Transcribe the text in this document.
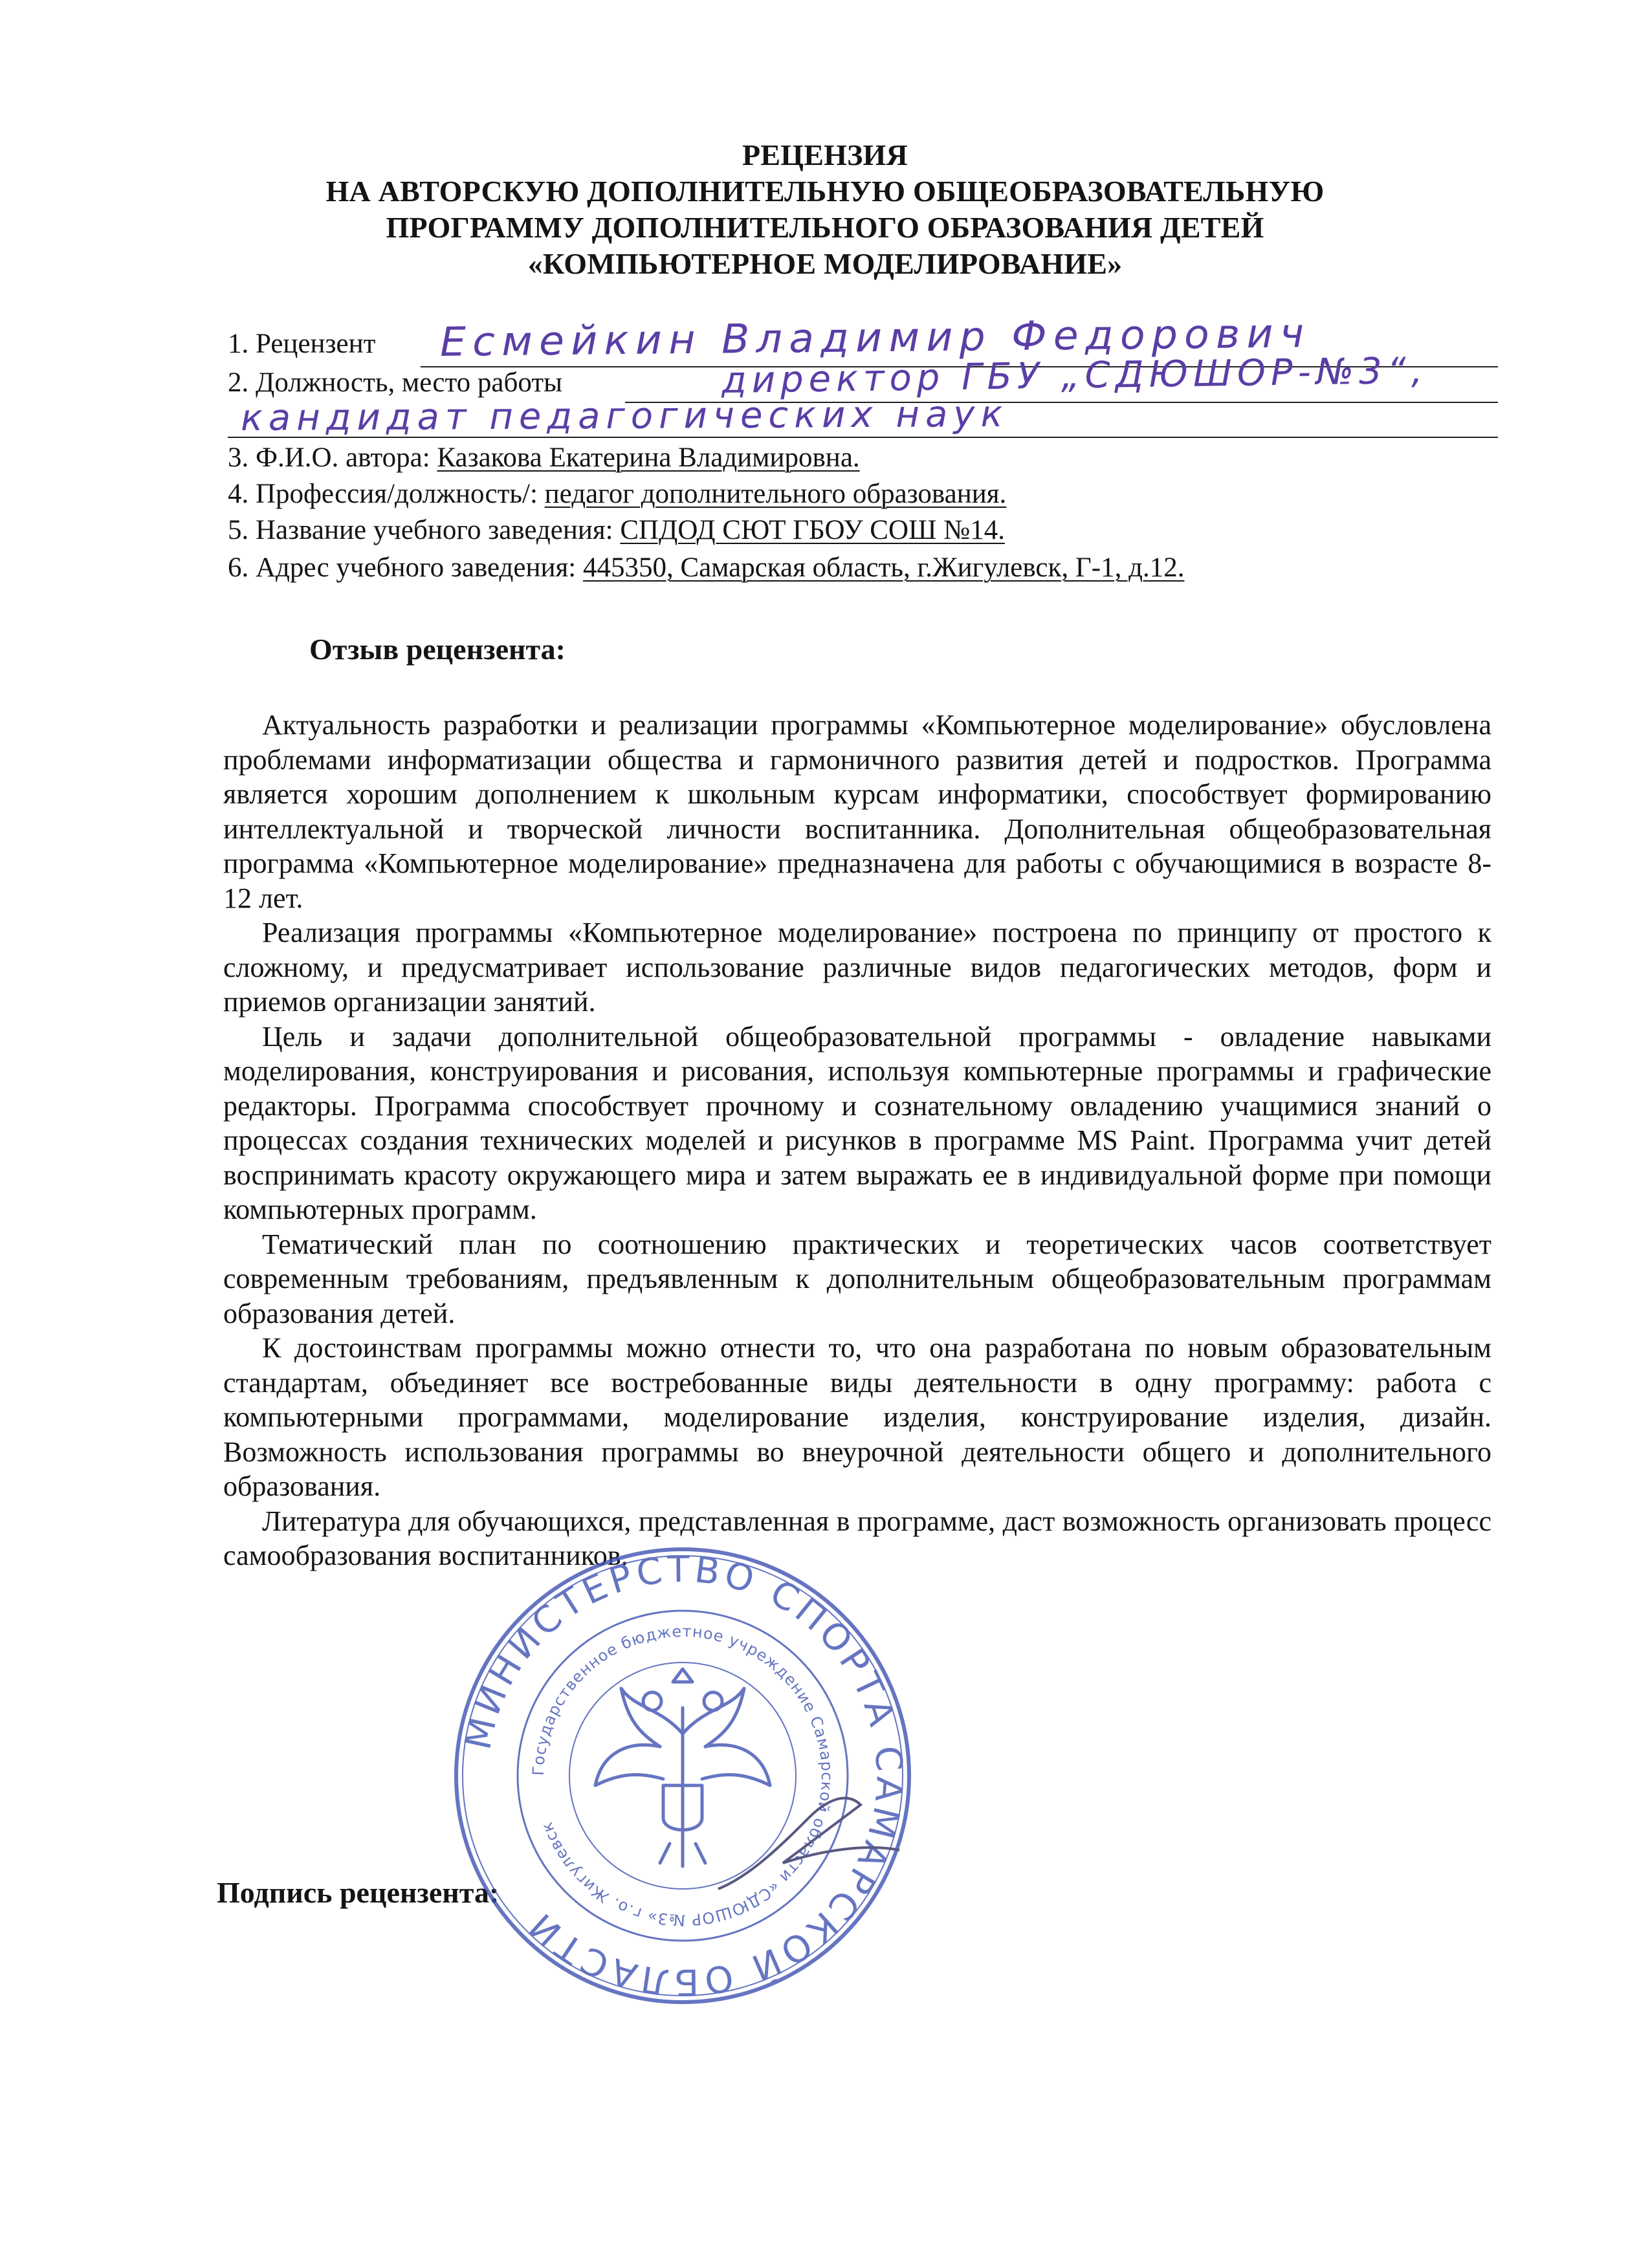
РЕЦЕНЗИЯ
НА АВТОРСКУЮ ДОПОЛНИТЕЛЬНУЮ ОБЩЕОБРАЗОВАТЕЛЬНУЮ
ПРОГРАММУ ДОПОЛНИТЕЛЬНОГО ОБРАЗОВАНИЯ ДЕТЕЙ
«КОМПЬЮТЕРНОЕ МОДЕЛИРОВАНИЕ»
1. Рецензент Есмейкин Владимир Федорович
2. Должность, место работы	директор ГБУ „СДЮШОР-№3“,
кандидат педагогических наук
3. Ф.И.О. автора: Казакова Екатерина Владимировна.
4. Профессия/должность/: педагог дополнительного образования.
5. Название учебного заведения: СПДОД СЮТ ГБОУ СОШ №14.
6. Адрес учебного заведения: 445350, Самарская область, г.Жигулевск, Г-1, д.12.
Отзыв рецензента:

Актуальность разработки и реализации программы «Компьютерное моделирование» обусловлена проблемами информатизации общества и гармоничного развития детей и подростков. Программа является хорошим дополнением к школьным курсам информатики, способствует формированию интеллектуальной и творческой личности воспитанника. Дополнительная общеобразовательная программа «Компьютерное моделирование» предназначена для работы с обучающимися в возрасте 8-12 лет.

Реализация программы «Компьютерное моделирование» построена по принципу от простого к сложному, и предусматривает использование различные видов педагогических методов, форм и приемов организации занятий.

Цель и задачи дополнительной общеобразовательной программы - овладение навыками моделирования, конструирования и рисования, используя компьютерные программы и графические редакторы. Программа способствует прочному и сознательному овладению учащимися знаний о процессах создания технических моделей и рисунков в программе MS Paint. Программа учит детей воспринимать красоту окружающего мира и затем выражать ее в индивидуальной форме при помощи компьютерных программ.

Тематический план по соотношению практических и теоретических часов соответствует современным требованиям, предъявленным к дополнительным общеобразовательным программам образования детей.

К достоинствам программы можно отнести то, что она разработана по новым образовательным стандартам, объединяет все востребованные виды деятельности в одну программу: работа с компьютерными программами, моделирование изделия, конструирование изделия, дизайн. Возможность использования программы во внеурочной деятельности общего и дополнительного образования.

Литература для обучающихся, представленная в программе, даст возможность организовать процесс самообразования воспитанников.

Подпись рецензента:
МИНИСТЕРСТВО СПОРТА САМАРСКОЙ ОБЛАСТИ
Государственное бюджетное учреждение Самарской области «СДЮШОР №3» г.о. Жигулевск
